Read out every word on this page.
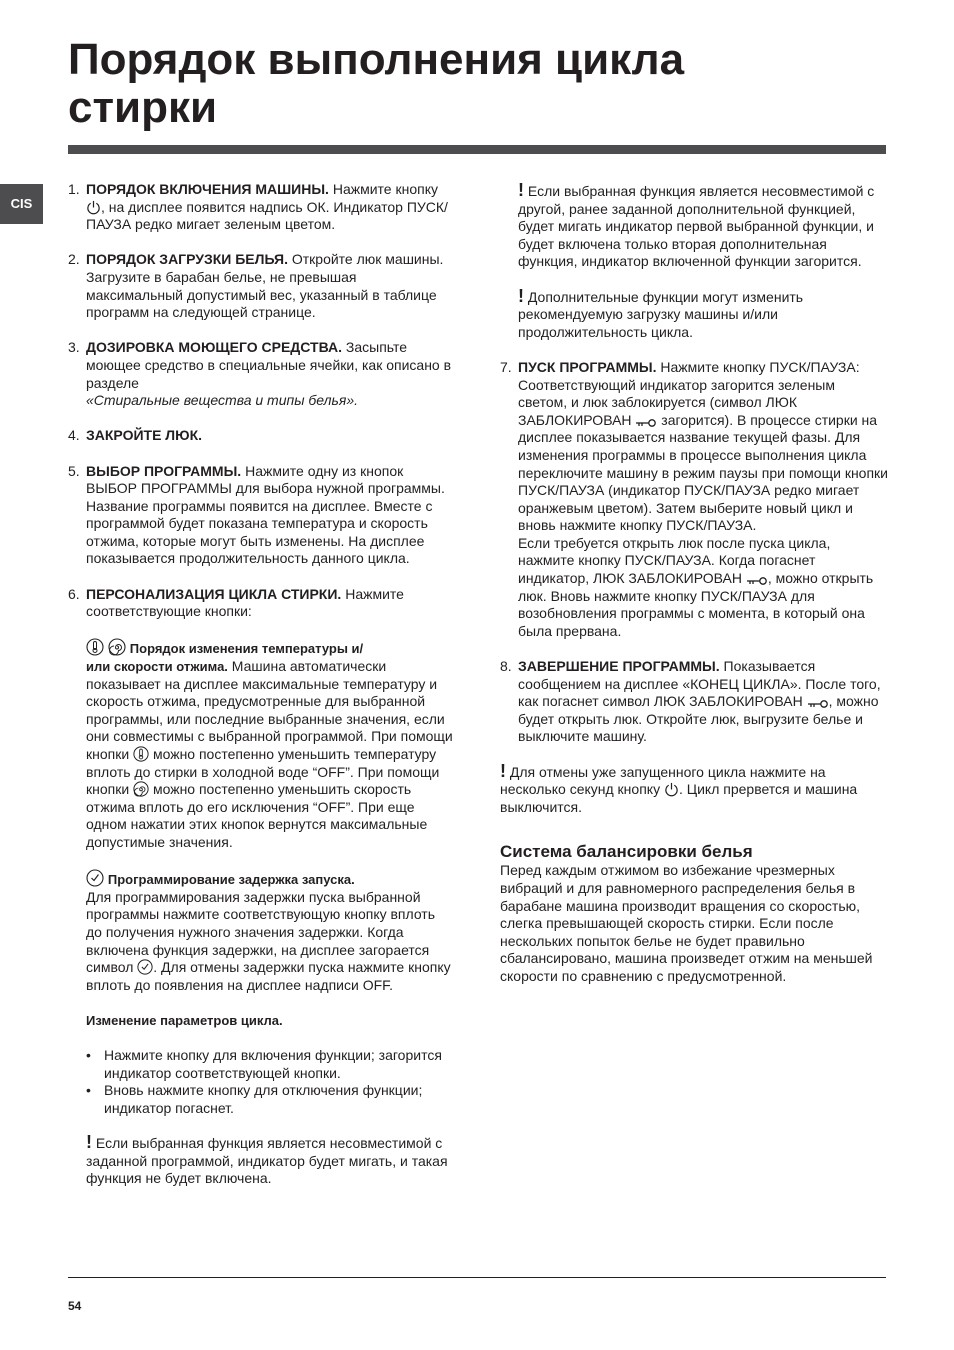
Порядок выполнения цикла
стирки
CIS
1. ПОРЯДОК ВКЛЮЧЕНИЯ МАШИНЫ. Нажмите кнопку , на дисплее появится надпись ОК. Индикатор ПУСК/ПАУЗА редко мигает зеленым цветом.

2. ПОРЯДОК ЗАГРУЗКИ БЕЛЬЯ. Откройте люк машины. Загрузите в барабан белье, не превышая максимальный допустимый вес, указанный в таблице программ на следующей странице.

3. ДОЗИРОВКА МОЮЩЕГО СРЕДСТВА. Засыпьте моющее средство в специальные ячейки, как описано в разделе
«Стиральные вещества и типы белья».

4. ЗАКРОЙТЕ ЛЮК.

5. ВЫБОР ПРОГРАММЫ. Нажмите одну из кнопок ВЫБОР ПРОГРАММЫ для выбора нужной программы. Название программы появится на дисплее. Вместе с программой будет показана температура и скорость отжима, которые могут быть изменены. На дисплее показывается продолжительность данного цикла.

6. ПЕРСОНАЛИЗАЦИЯ ЦИКЛА СТИРКИ. Нажмите соответствующие кнопки:

Порядок изменения температуры и/
или скорости отжима. Машина автоматически показывает на дисплее максимальные температуру и скорость отжима, предусмотренные для выбранной программы, или последние выбранные значения, если они совместимы с выбранной программой. При помощи кнопки  можно постепенно уменьшить температуру вплоть до стирки в холодной воде “OFF”. При помощи кнопки  можно постепенно уменьшить скорость отжима вплоть до его исключения “OFF”. При еще одном нажатии этих кнопок вернутся максимальные допустимые значения.

Программирование задержка запуска.
Для программирования задержки пуска выбранной программы нажмите соответствующую кнопку вплоть до получения нужного значения задержки. Когда включена функция задержки, на дисплее загорается символ . Для отмены задержки пуска нажмите кнопку вплоть до появления на дисплее надписи OFF.

Изменение параметров цикла.

• Нажмите кнопку для включения функции; загорится индикатор соответствующей кнопки.
• Вновь нажмите кнопку для отключения функции; индикатор погаснет.

! Если выбранная функция является несовместимой с заданной программой, индикатор будет мигать, и такая функция не будет включена.

! Если выбранная функция является несовместимой с другой, ранее заданной дополнительной функцией, будет мигать индикатор первой выбранной функции, и будет включена только вторая дополнительная функция, индикатор включенной функции загорится.

! Дополнительные функции могут изменить рекомендуемую загрузку машины и/или продолжительность цикла.

7. ПУСК ПРОГРАММЫ. Нажмите кнопку ПУСК/ПАУЗА: Соответствующий индикатор загорится зеленым светом, и люк заблокируется (символ ЛЮК ЗАБЛОКИРОВАН  загорится). В процессе стирки на дисплее показывается название текущей фазы. Для изменения программы в процессе выполнения цикла переключите машину в режим паузы при помощи кнопки ПУСК/ПАУЗА (индикатор ПУСК/ПАУЗА редко мигает оранжевым цветом). Затем выберите новый цикл и вновь нажмите кнопку ПУСК/ПАУЗА.
Если требуется открыть люк после пуска цикла, нажмите кнопку ПУСК/ПАУЗА. Когда погаснет индикатор, ЛЮК ЗАБЛОКИРОВАН , можно открыть люк. Вновь нажмите кнопку ПУСК/ПАУЗА для возобновления программы с момента, в который она была прервана.

8. ЗАВЕРШЕНИЕ ПРОГРАММЫ. Показывается сообщением на дисплее «КОНЕЦ ЦИКЛА». После того, как погаснет символ ЛЮК ЗАБЛОКИРОВАН , можно будет открыть люк. Откройте люк, выгрузите белье и выключите машину.

! Для отмены уже запущенного цикла нажмите на несколько секунд кнопку . Цикл прервется и машина выключится.

Система балансировки белья

Перед каждым отжимом во избежание чрезмерных вибраций и для равномерного распределения белья в барабане машина производит вращения со скоростью, слегка превышающей скорость стирки. Если после нескольких попыток белье не будет правильно сбалансировано, машина произведет отжим на меньшей скорости по сравнению с предусмотренной.

54
